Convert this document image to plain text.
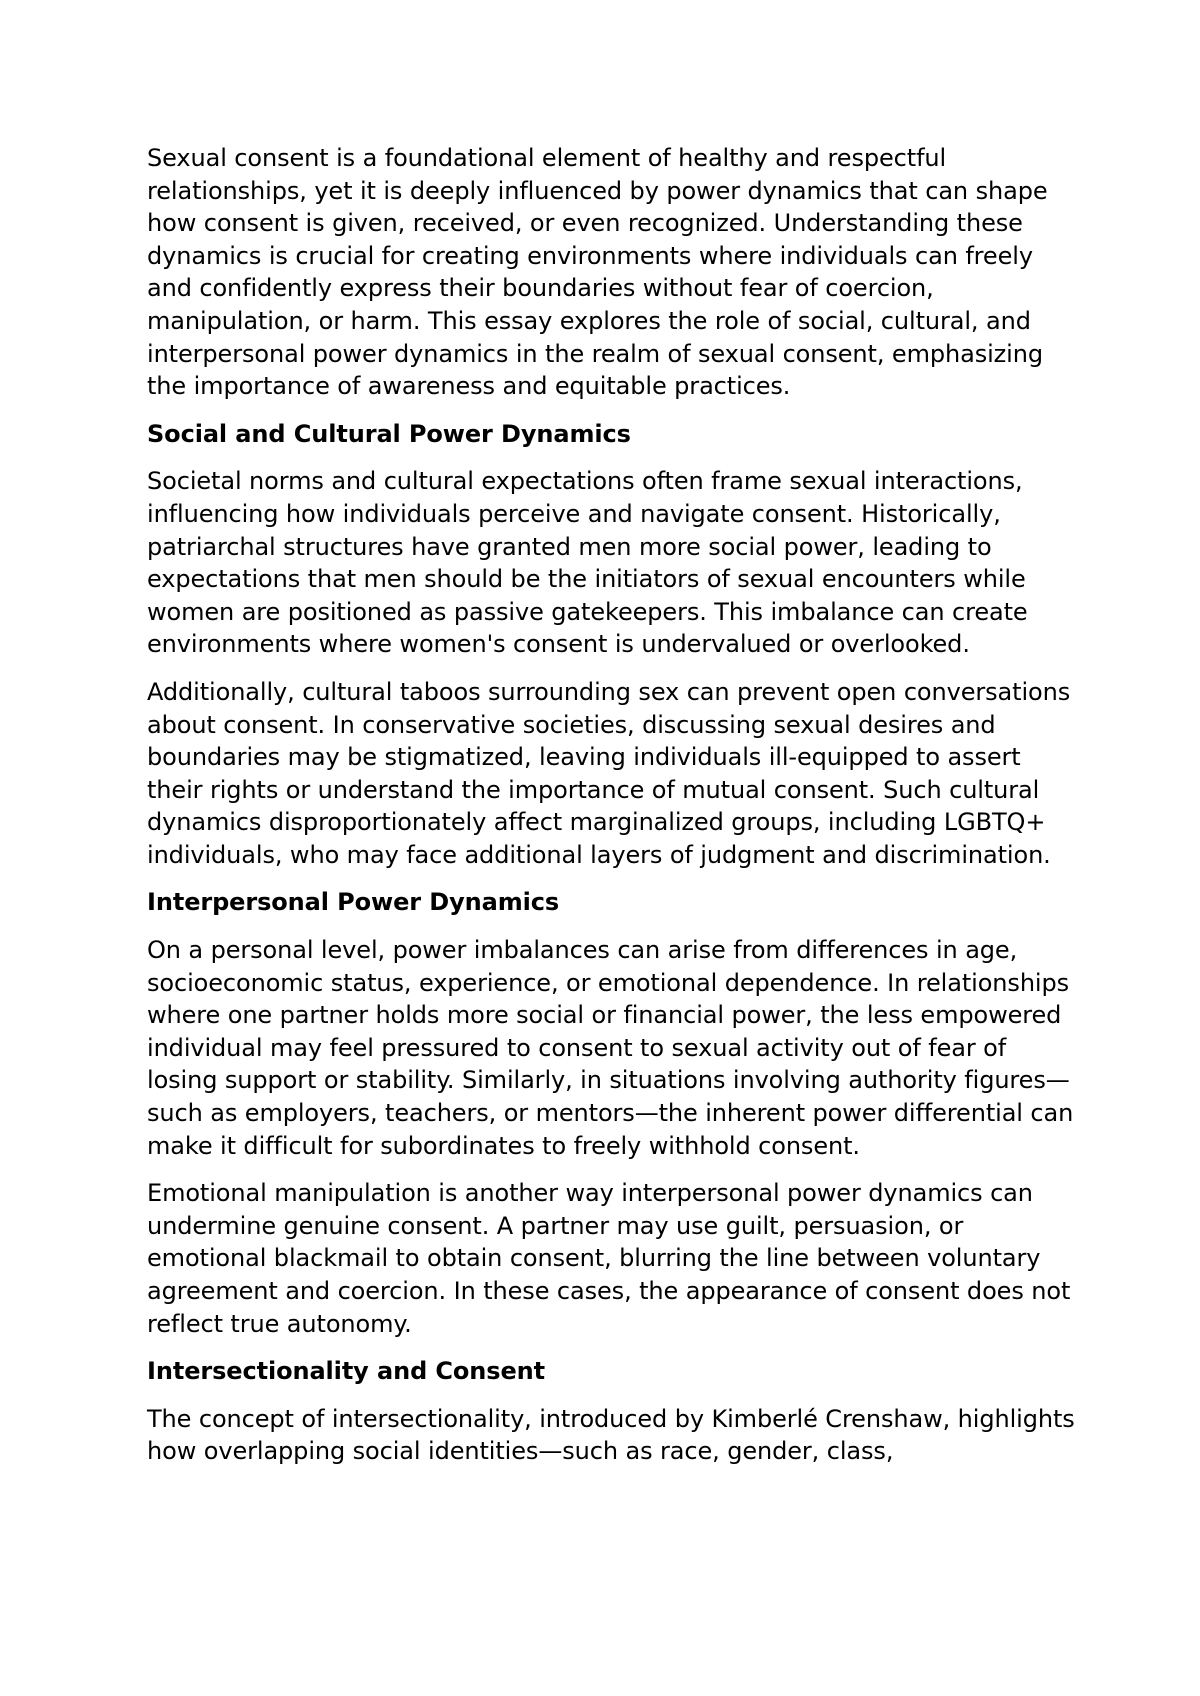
Sexual consent is a foundational element of healthy and respectful relationships, yet it is deeply influenced by power dynamics that can shape how consent is given, received, or even recognized. Understanding these dynamics is crucial for creating environments where individuals can freely and confidently express their boundaries without fear of coercion, manipulation, or harm. This essay explores the role of social, cultural, and interpersonal power dynamics in the realm of sexual consent, emphasizing the importance of awareness and equitable practices.

Social and Cultural Power Dynamics

Societal norms and cultural expectations often frame sexual interactions, influencing how individuals perceive and navigate consent. Historically, patriarchal structures have granted men more social power, leading to expectations that men should be the initiators of sexual encounters while women are positioned as passive gatekeepers. This imbalance can create environments where women's consent is undervalued or overlooked.

Additionally, cultural taboos surrounding sex can prevent open conversations about consent. In conservative societies, discussing sexual desires and boundaries may be stigmatized, leaving individuals ill-equipped to assert their rights or understand the importance of mutual consent. Such cultural dynamics disproportionately affect marginalized groups, including LGBTQ+ individuals, who may face additional layers of judgment and discrimination.

Interpersonal Power Dynamics

On a personal level, power imbalances can arise from differences in age, socioeconomic status, experience, or emotional dependence. In relationships where one partner holds more social or financial power, the less empowered individual may feel pressured to consent to sexual activity out of fear of losing support or stability. Similarly, in situations involving authority figures—such as employers, teachers, or mentors—the inherent power differential can make it difficult for subordinates to freely withhold consent.

Emotional manipulation is another way interpersonal power dynamics can undermine genuine consent. A partner may use guilt, persuasion, or emotional blackmail to obtain consent, blurring the line between voluntary agreement and coercion. In these cases, the appearance of consent does not reflect true autonomy.

Intersectionality and Consent

The concept of intersectionality, introduced by Kimberlé Crenshaw, highlights how overlapping social identities—such as race, gender, class,
